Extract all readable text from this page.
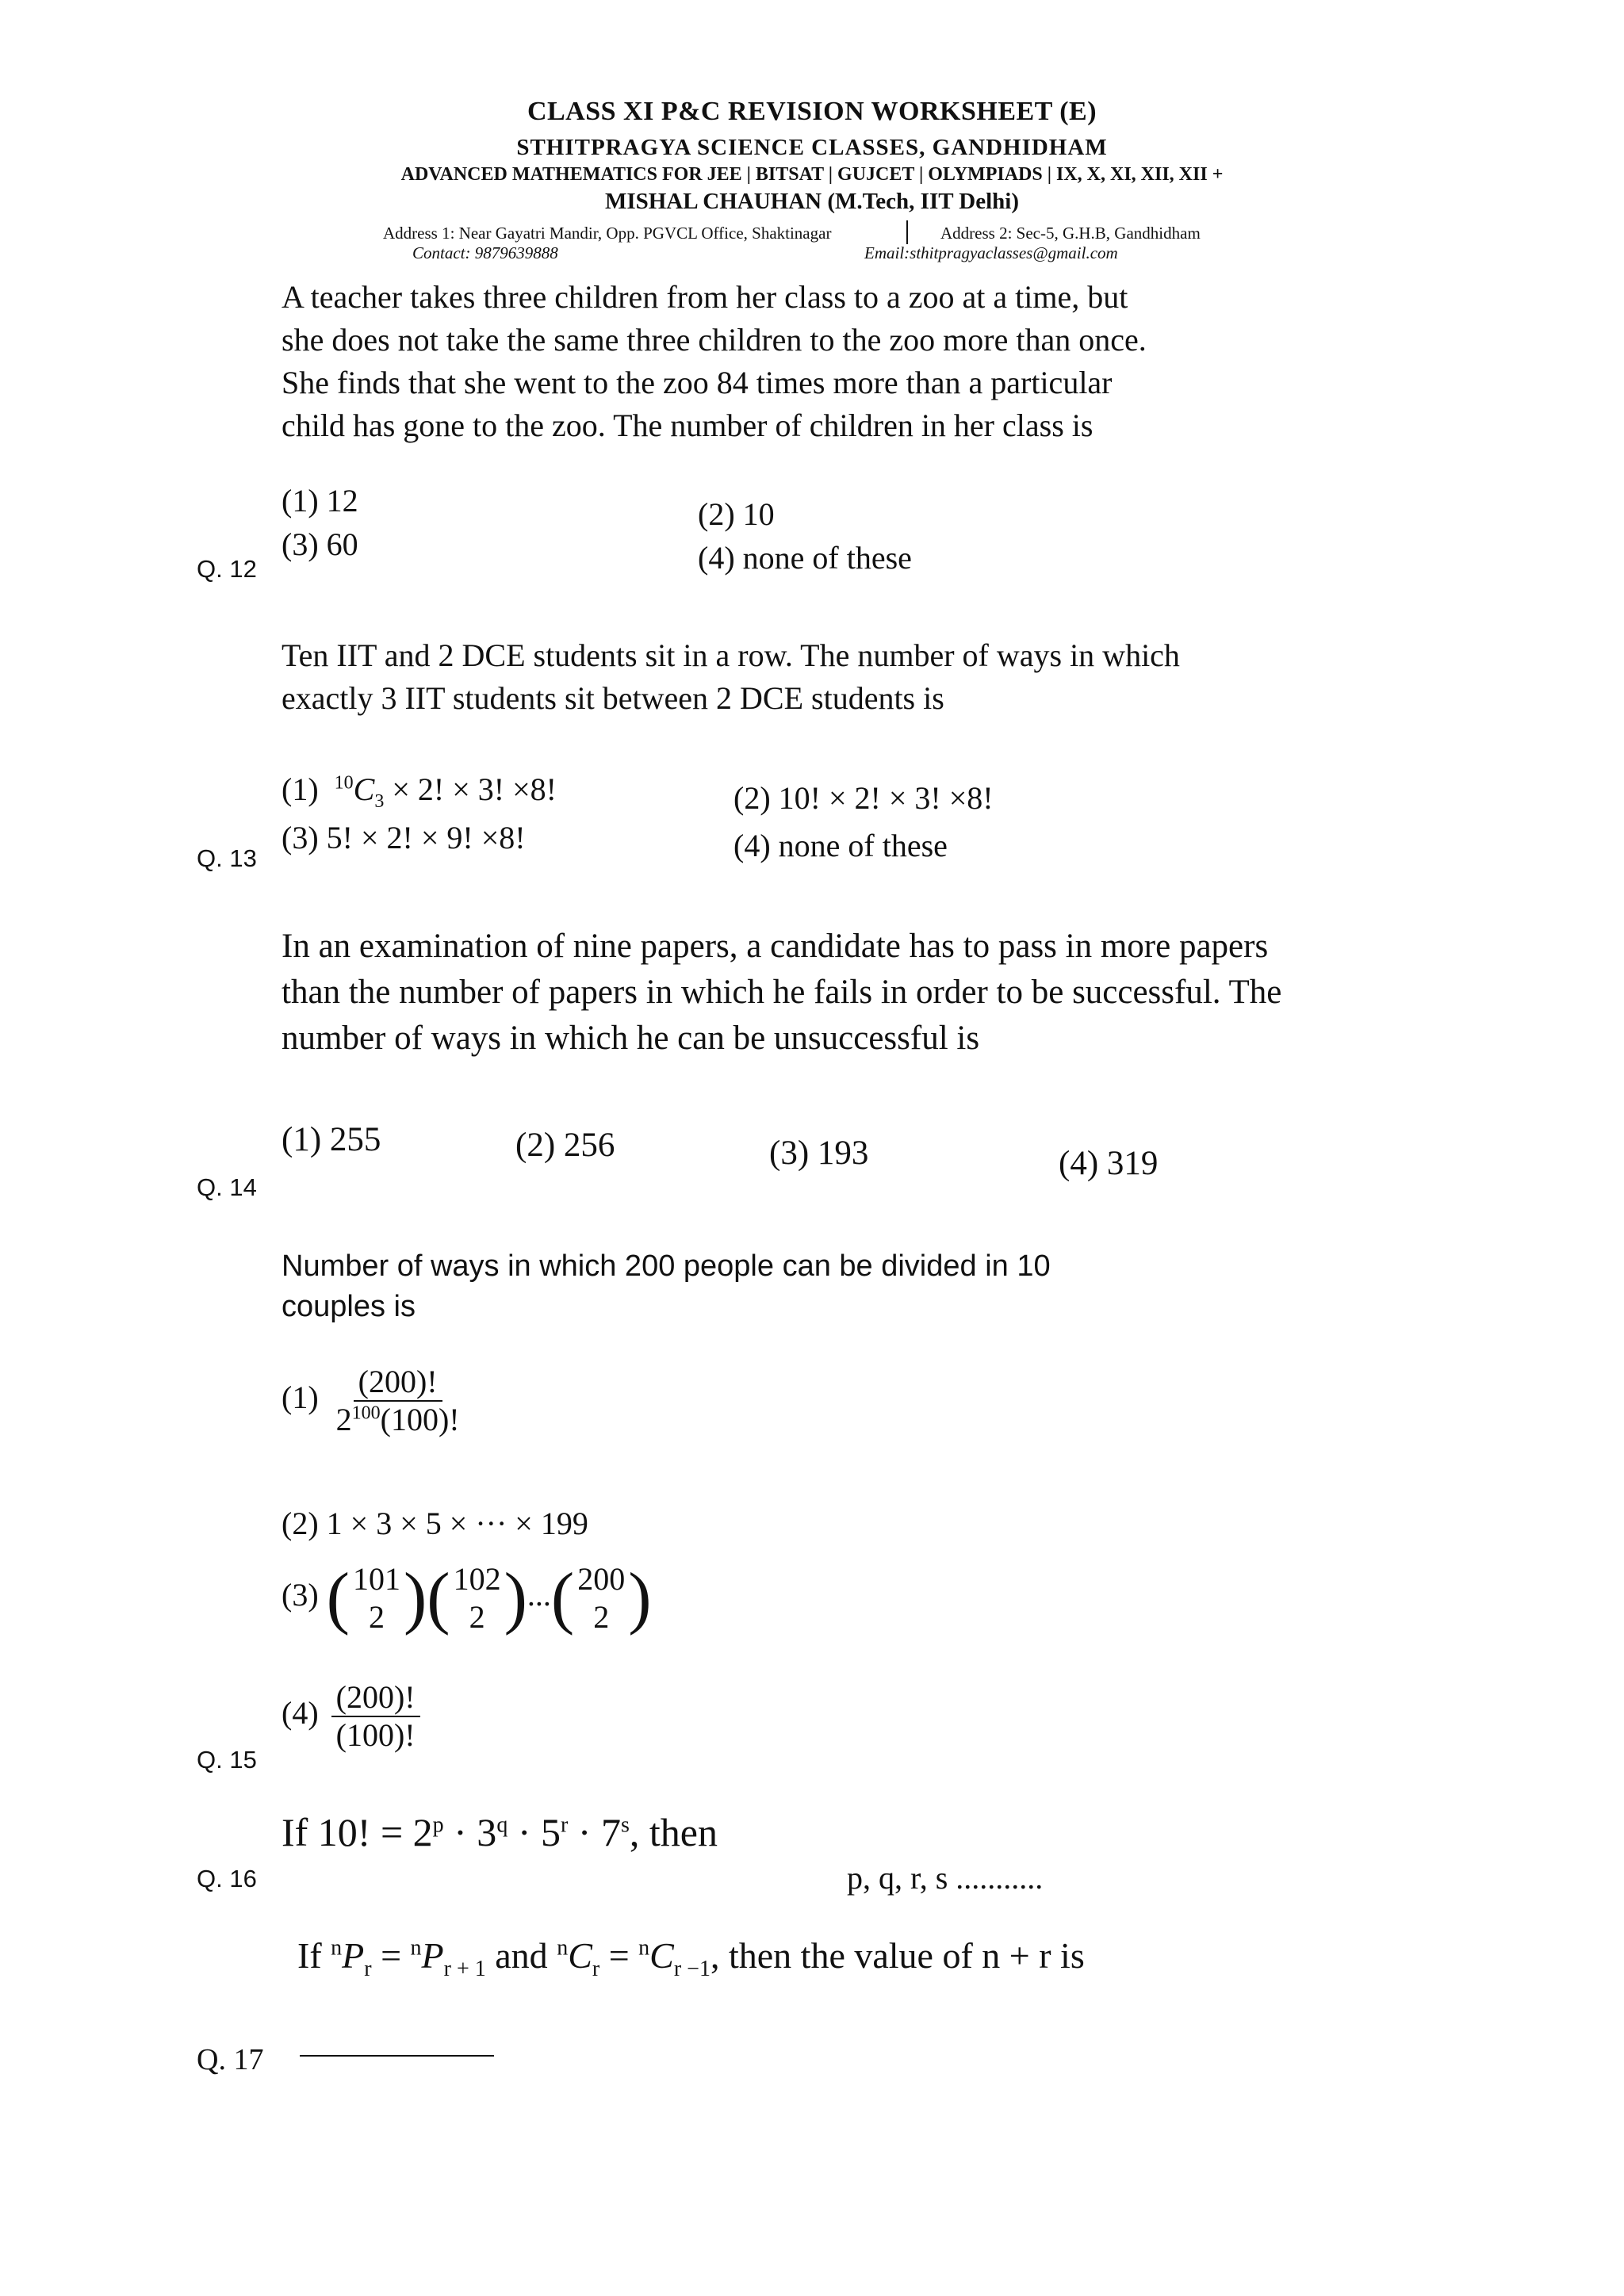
CLASS XI P&C REVISION WORKSHEET (E)
STHITPRAGYA SCIENCE CLASSES, GANDHIDHAM
ADVANCED MATHEMATICS FOR JEE | BITSAT | GUJCET | OLYMPIADS | IX, X, XI, XII, XII +
MISHAL CHAUHAN (M.Tech, IIT Delhi)
Address 1: Near Gayatri Mandir, Opp. PGVCL Office, Shaktinagar	Address 2: Sec-5, G.H.B, Gandhidham
Contact: 9879639888	Email:sthitpragyaclasses@gmail.com
A teacher takes three children from her class to a zoo at a time, but she does not take the same three children to the zoo more than once. She finds that she went to the zoo 84 times more than a particular child has gone to the zoo. The number of children in her class is
(1) 12	(2) 10
(3) 60	(4) none of these
Q. 12
Ten IIT and 2 DCE students sit in a row. The number of ways in which exactly 3 IIT students sit between 2 DCE students is
(1) $^{10}C_3 \times 2$! × 3! ×8!	(2) 10! × 2! × 3! ×8!
(3) 5! × 2! × 9! ×8!	(4) none of these
Q. 13
In an examination of nine papers, a candidate has to pass in more papers than the number of papers in which he fails in order to be successful. The number of ways in which he can be unsuccessful is
(1) 255	(2) 256	(3) 193	(4) 319
Q. 14
Number of ways in which 200 people can be divided in 10 couples is
$(1) \frac{(200)!}{2^{100}(100)!}$
(2) 1 × 3 × 5 × ··· × 199
(3) ( 101
2 )( 102
2 )...( 200
2 )
$(4) \frac{(200)!}{(100)!}$
Q. 15
If 10! = $2^p \cdot 3^q \cdot 5^r \cdot 7^s$, then
Q. 16	p, q, r, s ...........
If $^nP_r = ^nP_{r + 1}$ and $^nC_r = ^nC_{r -1}$, then the value of n + r is
Q. 17
